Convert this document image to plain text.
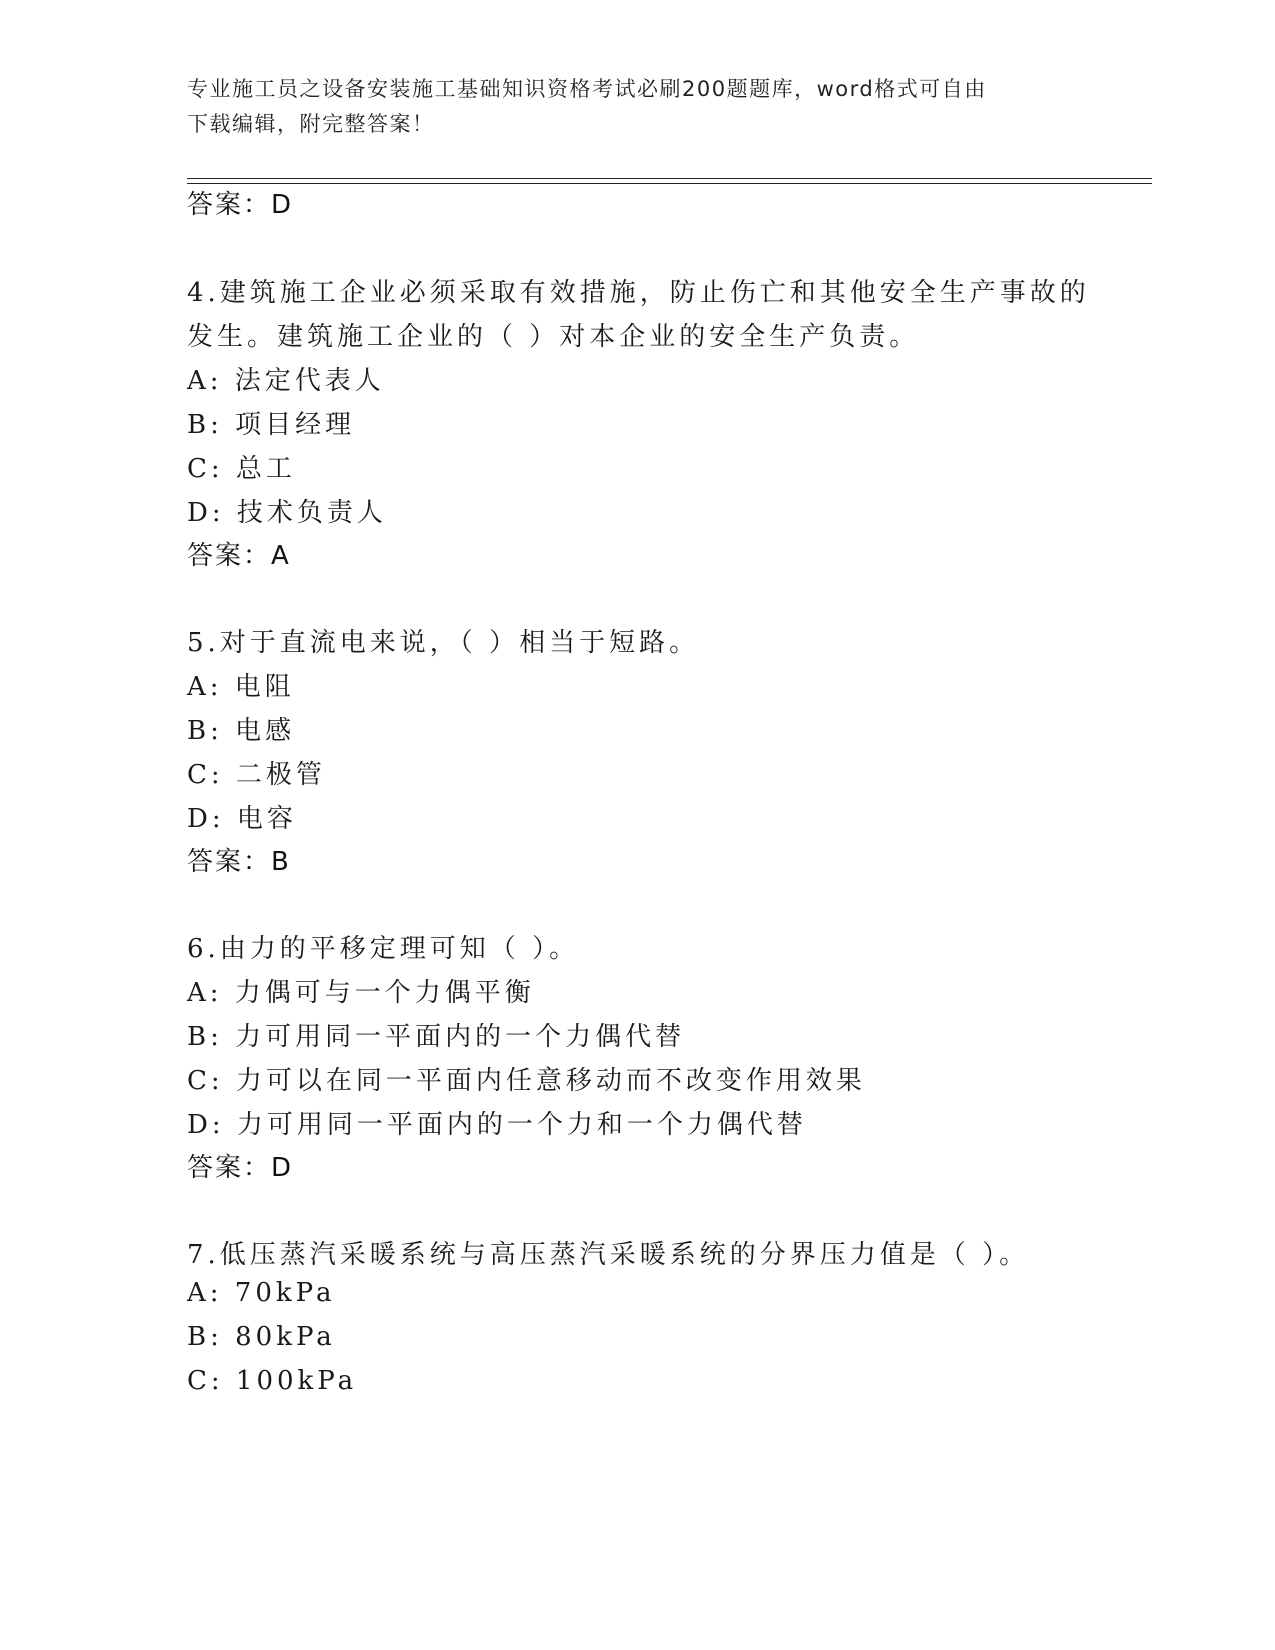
专业施工员之设备安装施工基础知识资格考试必刷200题题库，word格式可自由
下载编辑，附完整答案！
答案：D
4.建筑施工企业必须采取有效措施，防止伤亡和其他安全生产事故的
发生。建筑施工企业的（ ）对本企业的安全生产负责。
A: 法定代表人
B: 项目经理
C: 总工
D: 技术负责人
答案：A
5.对于直流电来说，（ ）相当于短路。
A: 电阻
B: 电感
C: 二极管
D: 电容
答案：B
6.由力的平移定理可知（ ）。
A: 力偶可与一个力偶平衡
B: 力可用同一平面内的一个力偶代替
C: 力可以在同一平面内任意移动而不改变作用效果
D: 力可用同一平面内的一个力和一个力偶代替
答案：D
7.低压蒸汽采暖系统与高压蒸汽采暖系统的分界压力值是（ ）。
A: 70kPa
B: 80kPa
C: 100kPa
